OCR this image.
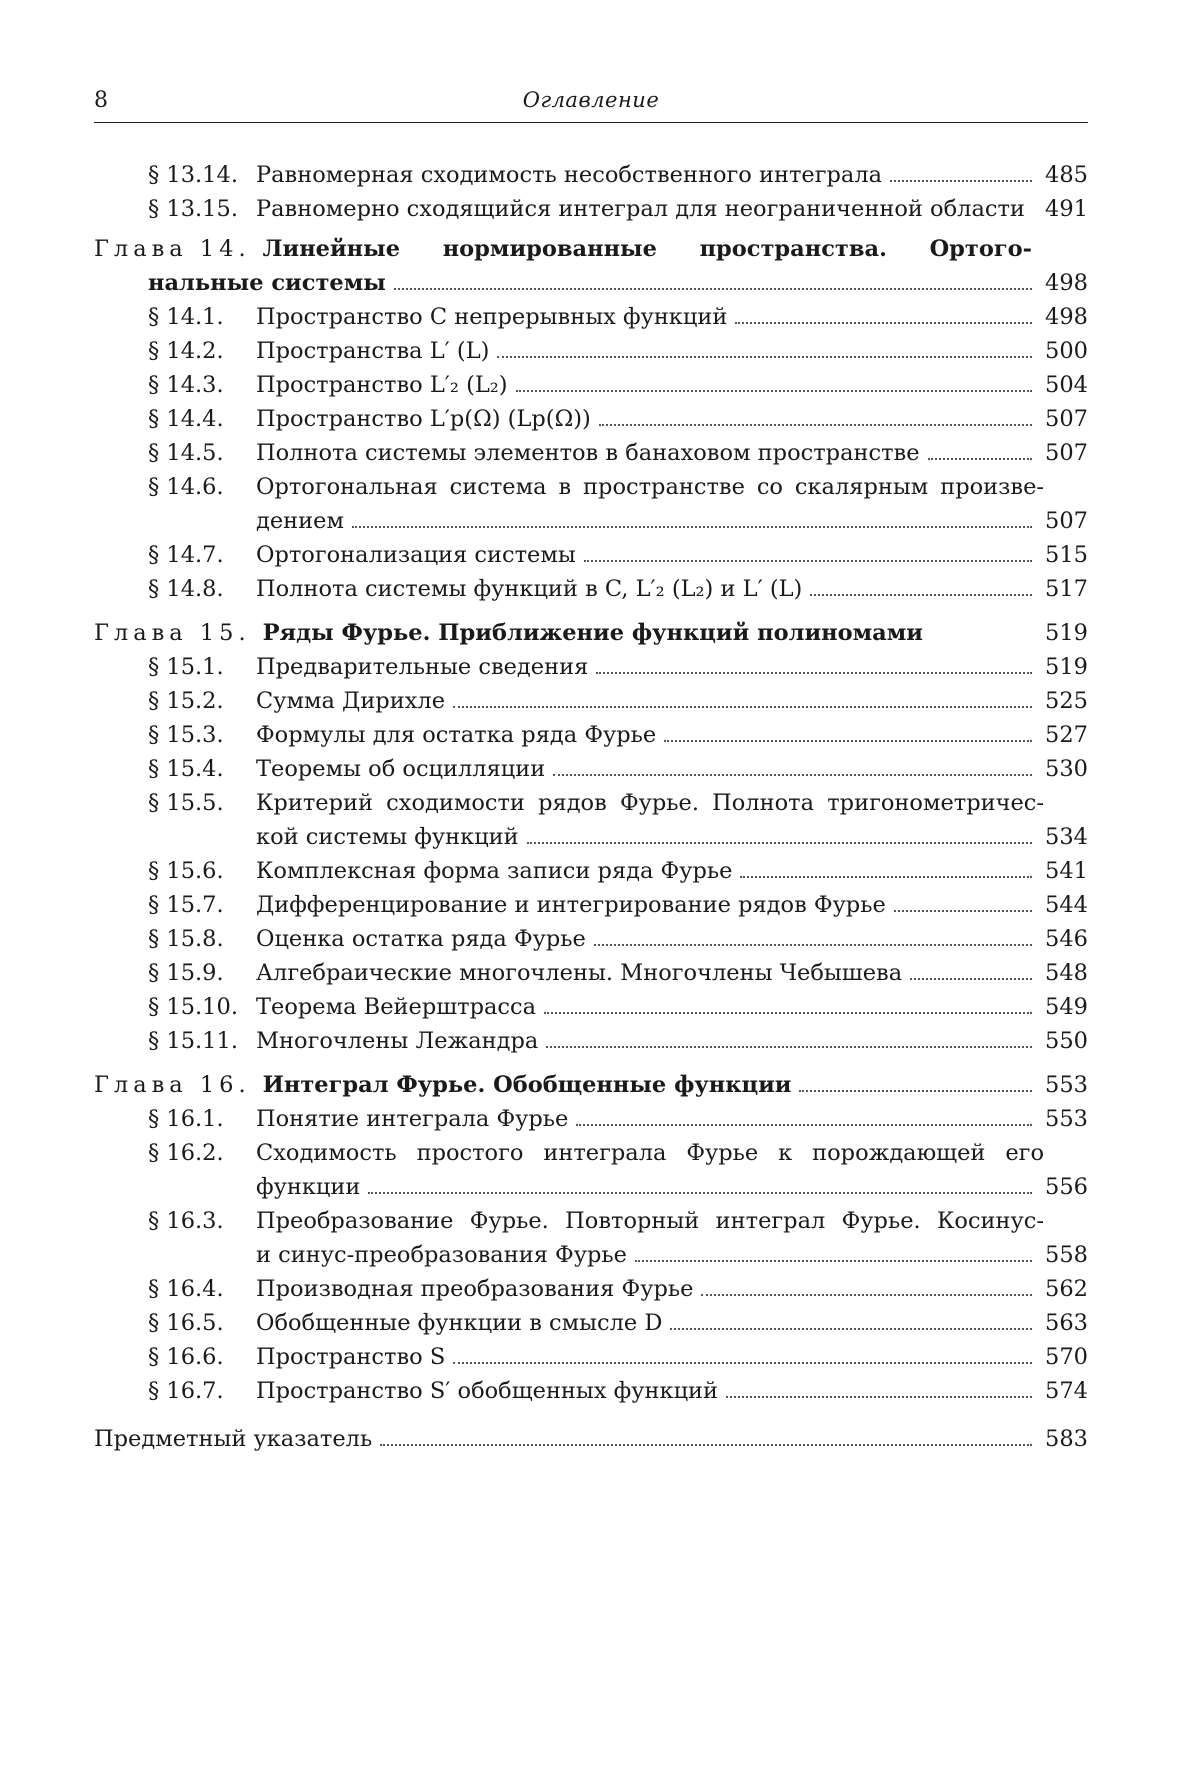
8	Оглавление
§ 13.14. Равномерная сходимость несобственного интеграла	485
§ 13.15. Равномерно сходящийся интеграл для неограниченной области 491
Глава 14. Линейные нормированные пространства. Ортого-
нальные системы	498
§ 14.1.	Пространство C непрерывных функций	498
§ 14.2.	Пространства L′ (L)	500
§ 14.3.	Пространство L′₂ (L₂)	504
§ 14.4.	Пространство L′p(Ω) (Lp(Ω))	507
§ 14.5.	Полнота системы элементов в банаховом пространстве	507
§ 14.6.	Ортогональная система в пространстве со скалярным произве-
дением	507
§ 14.7.	Ортогонализация системы	515
§ 14.8.	Полнота системы функций в C, L′₂ (L₂) и L′ (L)	517
Глава 15. Ряды Фурье. Приближение функций полиномами	519
§ 15.1.	Предварительные сведения	519
§ 15.2.	Сумма Дирихле	525
§ 15.3.	Формулы для остатка ряда Фурье	527
§ 15.4.	Теоремы об осцилляции	530
§ 15.5.	Критерий сходимости рядов Фурье. Полнота тригонометричес-
кой системы функций	534
§ 15.6.	Комплексная форма записи ряда Фурье	541
§ 15.7.	Дифференцирование и интегрирование рядов Фурье	544
§ 15.8.	Оценка остатка ряда Фурье	546
§ 15.9.	Алгебраические многочлены. Многочлены Чебышева	548
§ 15.10. Теорема Вейерштрасса	549
§ 15.11. Многочлены Лежандра	550
Глава 16. Интеграл Фурье. Обобщенные функции	553
§ 16.1.	Понятие интеграла Фурье	553
§ 16.2.	Сходимость простого интеграла Фурье к порождающей его
функции	556
§ 16.3.	Преобразование Фурье. Повторный интеграл Фурье. Косинус-
и синус-преобразования Фурье	558
§ 16.4.	Производная преобразования Фурье	562
§ 16.5.	Обобщенные функции в смысле D	563
§ 16.6.	Пространство S	570
§ 16.7.	Пространство S′ обобщенных функций	574
Предметный указатель	583
